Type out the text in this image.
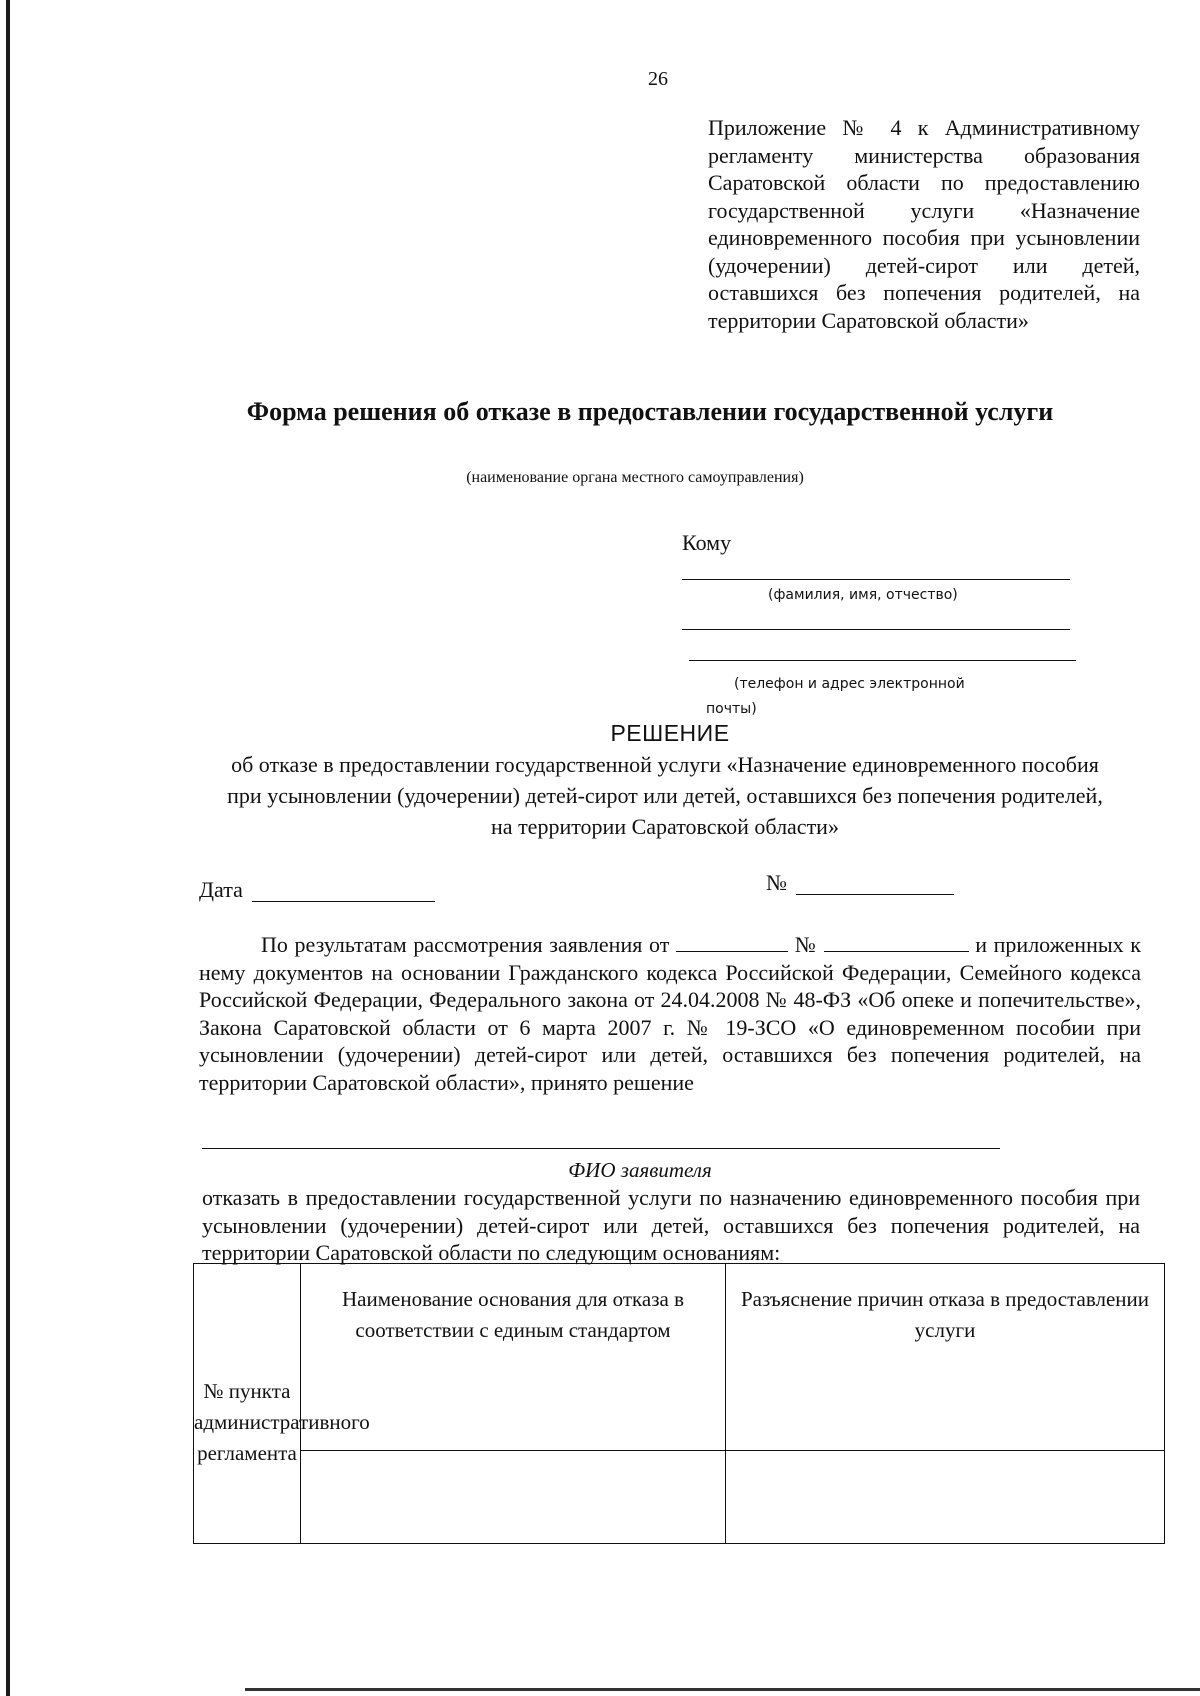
26
Приложение № 4 к Административному регламенту министерства образования Саратовской области по предоставлению государственной услуги «Назначение единовременного пособия при усыновлении (удочерении) детей-сирот или детей, оставшихся без попечения родителей, на территории Саратовской области»
Форма решения об отказе в предоставлении государственной услуги
(наименование органа местного самоуправления)
Кому
(фамилия, имя, отчество)
(телефон и адрес электронной
почты)
РЕШЕНИЕ
об отказе в предоставлении государственной услуги «Назначение единовременного пособия при усыновлении (удочерении) детей-сирот или детей, оставшихся без попечения родителей, на территории Саратовской области»
Дата	№
По результатам рассмотрения заявления от	№	и приложенных к нему документов на основании Гражданского кодекса Российской Федерации, Семейного кодекса Российской Федерации, Федерального закона от 24.04.2008 № 48-ФЗ «Об опеке и попечительстве», Закона Саратовской области от 6 марта 2007 г. № 19-ЗСО «О единовременном пособии при усыновлении (удочерении) детей-сирот или детей, оставшихся без попечения родителей, на территории Саратовской области», принято решение
ФИО заявителя
отказать в предоставлении государственной услуги по назначению единовременного пособия при усыновлении (удочерении) детей-сирот или детей, оставшихся без попечения родителей, на территории Саратовской области по следующим основаниям:
№ пункта административного регламента	Наименование основания для отказа в соответствии с единым стандартом	Разъяснение причин отказа в предоставлении услуги
